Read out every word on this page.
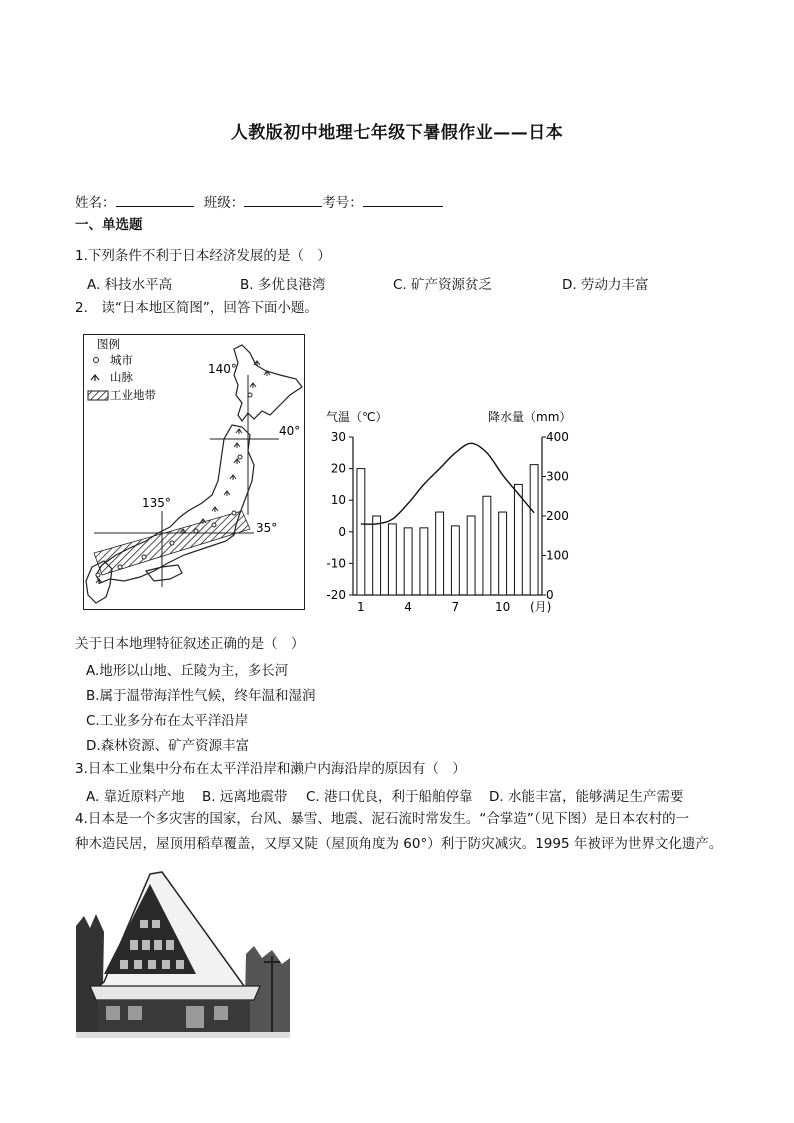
人教版初中地理七年级下暑假作业——日本
姓名：	班级：	考号：
一、单选题
1.下列条件不利于日本经济发展的是（　）
A. 科技水平高	B. 多优良港湾	C. 矿产资源贫乏	D. 劳动力丰富
2.　读“日本地区简图”，回答下面小题。
图例
城市
山脉
工业地带
140°
40°
135°
35°
气温（℃）	降水量（mm）
30
20
10
0
-10
-20
400
300
200
100
0
1	4	7	10 (月)
关于日本地理特征叙述正确的是（　）
A.地形以山地、丘陵为主，多长河
B.属于温带海洋性气候，终年温和湿润
C.工业多分布在太平洋沿岸
D.森林资源、矿产资源丰富
3.日本工业集中分布在太平洋沿岸和濑户内海沿岸的原因有（　）
A. 靠近原料产地 B. 远离地震带 C. 港口优良，利于船舶停靠 D. 水能丰富，能够满足生产需要
4.日本是一个多灾害的国家，台风、暴雪、地震、泥石流时常发生。“合掌造”（见下图）是日本农村的一
种木造民居，屋顶用稻草覆盖，又厚又陡（屋顶角度为 60°）利于防灾减灾。1995 年被评为世界文化遗产。
